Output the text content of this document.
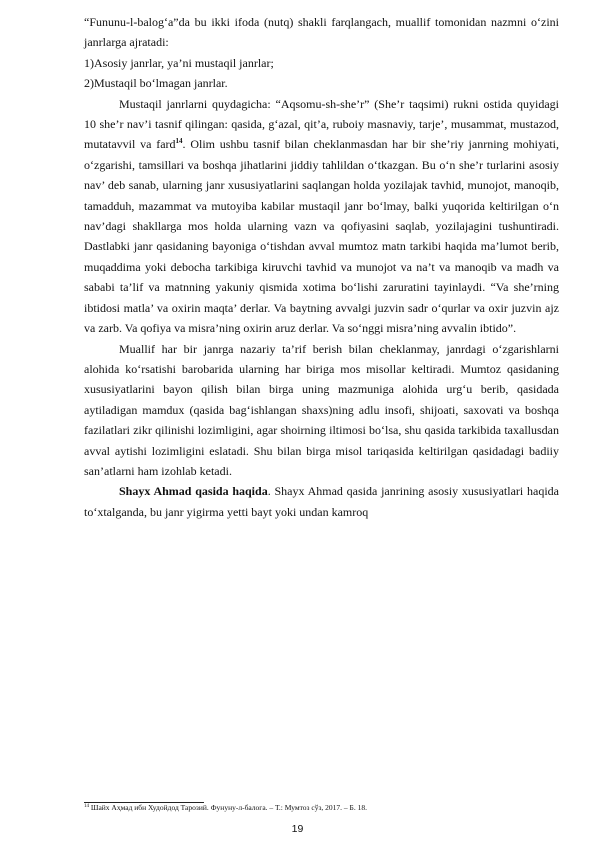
“Fununu-l-balog‘a”da bu ikki ifoda (nutq) shakli farqlangach, muallif tomonidan nazmni o‘zini janrlarga ajratadi:

1)Asosiy janrlar, ya’ni mustaqil janrlar;

2)Mustaqil bo‘lmagan janrlar.

Mustaqil janrlarni quydagicha: “Aqsomu-sh-she’r” (She’r taqsimi) rukni ostida quyidagi 10 she’r nav’i tasnif qilingan: qasida, g‘azal, qit’a, ruboiy masnaviy, tarje’, musammat, mustazod, mutatavvil va fard$^{14}$. Olim ushbu tasnif bilan cheklanmasdan har bir she’riy janrning mohiyati, o‘zgarishi, tamsillari va boshqa jihatlarini jiddiy tahlildan o‘tkazgan. Bu o‘n she’r turlarini asosiy nav’ deb sanab, ularning janr xususiyatlarini saqlangan holda yozilajak tavhid, munojot, manoqib, tamadduh, mazammat va mutoyiba kabilar mustaqil janr bo‘lmay, balki yuqorida keltirilgan o‘n nav’dagi shakllarga mos holda ularning vazn va qofiyasini saqlab, yozilajagini tushuntiradi. Dastlabki janr qasidaning bayoniga o‘tishdan avval mumtoz matn tarkibi haqida ma’lumot berib, muqaddima yoki debocha tarkibiga kiruvchi tavhid va munojot va na’t va manoqib va madh va sababi ta’lif va matnning yakuniy qismida xotima bo‘lishi zaruratini tayinlaydi. “Va she’rning ibtidosi matla’ va oxirin maqta’ derlar. Va baytning avvalgi juzvin sadr o‘qurlar va oxir juzvin ajz va zarb. Va qofiya va misra’ning oxirin aruz derlar. Va so‘nggi misra’ning avvalin ibtido”.

Muallif har bir janrga nazariy ta’rif berish bilan cheklanmay, janrdagi o‘zgarishlarni alohida ko‘rsatishi barobarida ularning har biriga mos misollar keltiradi. Mumtoz qasidaning xususiyatlarini bayon qilish bilan birga uning mazmuniga alohida urg‘u berib, qasidada aytiladigan mamdux (qasida bag‘ishlangan shaxs)ning adlu insofi, shijoati, saxovati va boshqa fazilatlari zikr qilinishi lozimligini, agar shoirning iltimosi bo‘lsa, shu qasida tarkibida taxallusdan avval aytishi lozimligini eslatadi. Shu bilan birga misol tariqasida keltirilgan qasidadagi badiiy san’atlarni ham izohlab ketadi.

Shayx Ahmad qasida haqida. Shayx Ahmad qasida janrining asosiy xususiyatlari haqida to‘xtalganda, bu janr yigirma yetti bayt yoki undan kamroq

$^{14}$ Шайх Аҳмад ибн Худойдод Тарозий. Фунуну-л-балога. – Т.: Мумтоз сўз, 2017. – Б. 18.
19
